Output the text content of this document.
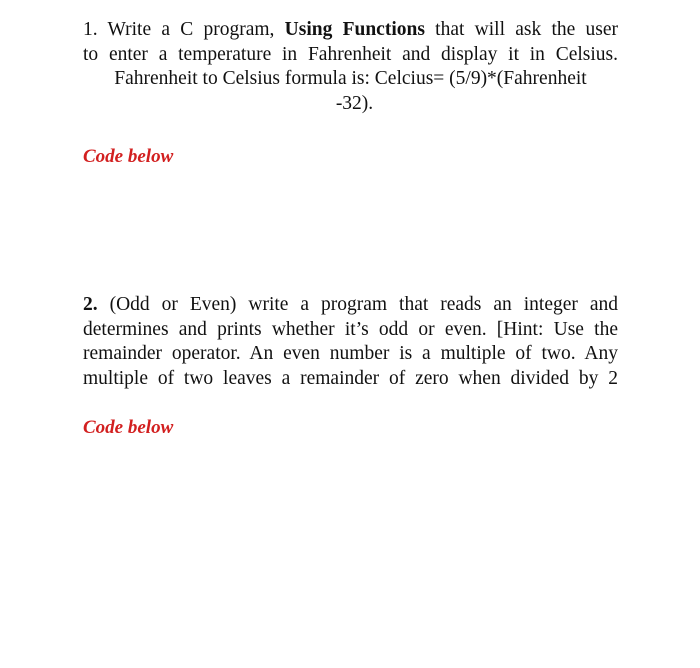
1. Write a C program, Using Functions that will ask the user
to enter a temperature in Fahrenheit and display it in Celsius.
Fahrenheit to Celsius formula is: Celcius= (5/9)*(Fahrenheit
-32).
Code below
2. (Odd or Even) write a program that reads an integer and
determines and prints whether it’s odd or even. [Hint: Use the
remainder operator. An even number is a multiple of two. Any
multiple of two leaves a remainder of zero when divided by 2
Code below
